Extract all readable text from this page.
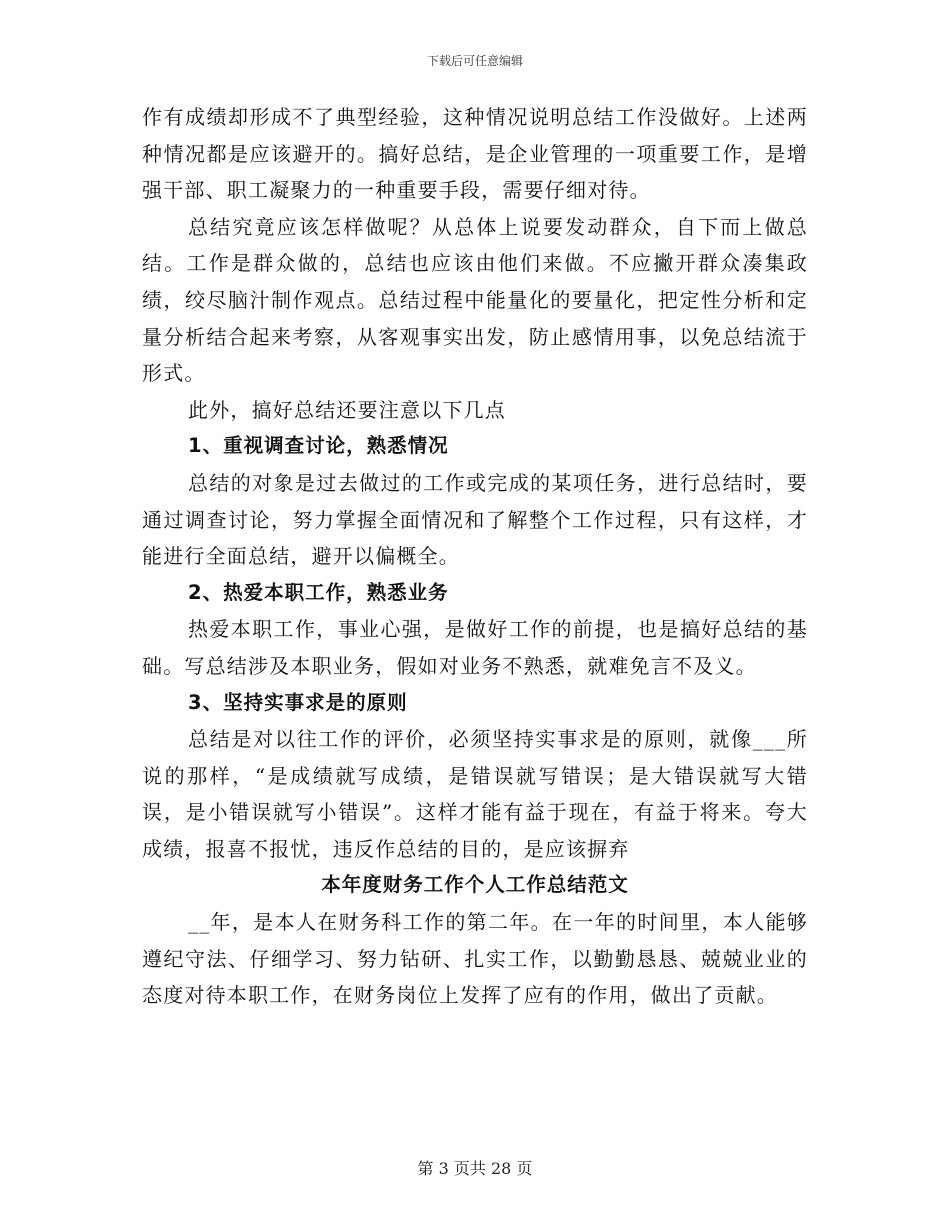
下载后可任意编辑

作有成绩却形成不了典型经验，这种情况说明总结工作没做好。上述两种情况都是应该避开的。搞好总结，是企业管理的一项重要工作，是增强干部、职工凝聚力的一种重要手段，需要仔细对待。

总结究竟应该怎样做呢？从总体上说要发动群众，自下而上做总结。工作是群众做的，总结也应该由他们来做。不应撇开群众凑集政绩，绞尽脑汁制作观点。总结过程中能量化的要量化，把定性分析和定量分析结合起来考察，从客观事实出发，防止感情用事，以免总结流于形式。

此外，搞好总结还要注意以下几点

1、重视调查讨论，熟悉情况

总结的对象是过去做过的工作或完成的某项任务，进行总结时，要通过调查讨论，努力掌握全面情况和了解整个工作过程，只有这样，才能进行全面总结，避开以偏概全。

2、热爱本职工作，熟悉业务

热爱本职工作，事业心强，是做好工作的前提，也是搞好总结的基础。写总结涉及本职业务，假如对业务不熟悉，就难免言不及义。

3、坚持实事求是的原则

总结是对以往工作的评价，必须坚持实事求是的原则，就像___所说的那样，“是成绩就写成绩，是错误就写错误；是大错误就写大错误，是小错误就写小错误”。这样才能有益于现在，有益于将来。夸大成绩，报喜不报忧，违反作总结的目的，是应该摒弃

本年度财务工作个人工作总结范文

__年，是本人在财务科工作的第二年。在一年的时间里，本人能够遵纪守法、仔细学习、努力钻研、扎实工作，以勤勤恳恳、兢兢业业的态度对待本职工作，在财务岗位上发挥了应有的作用，做出了贡献。

第 3 页共 28 页
